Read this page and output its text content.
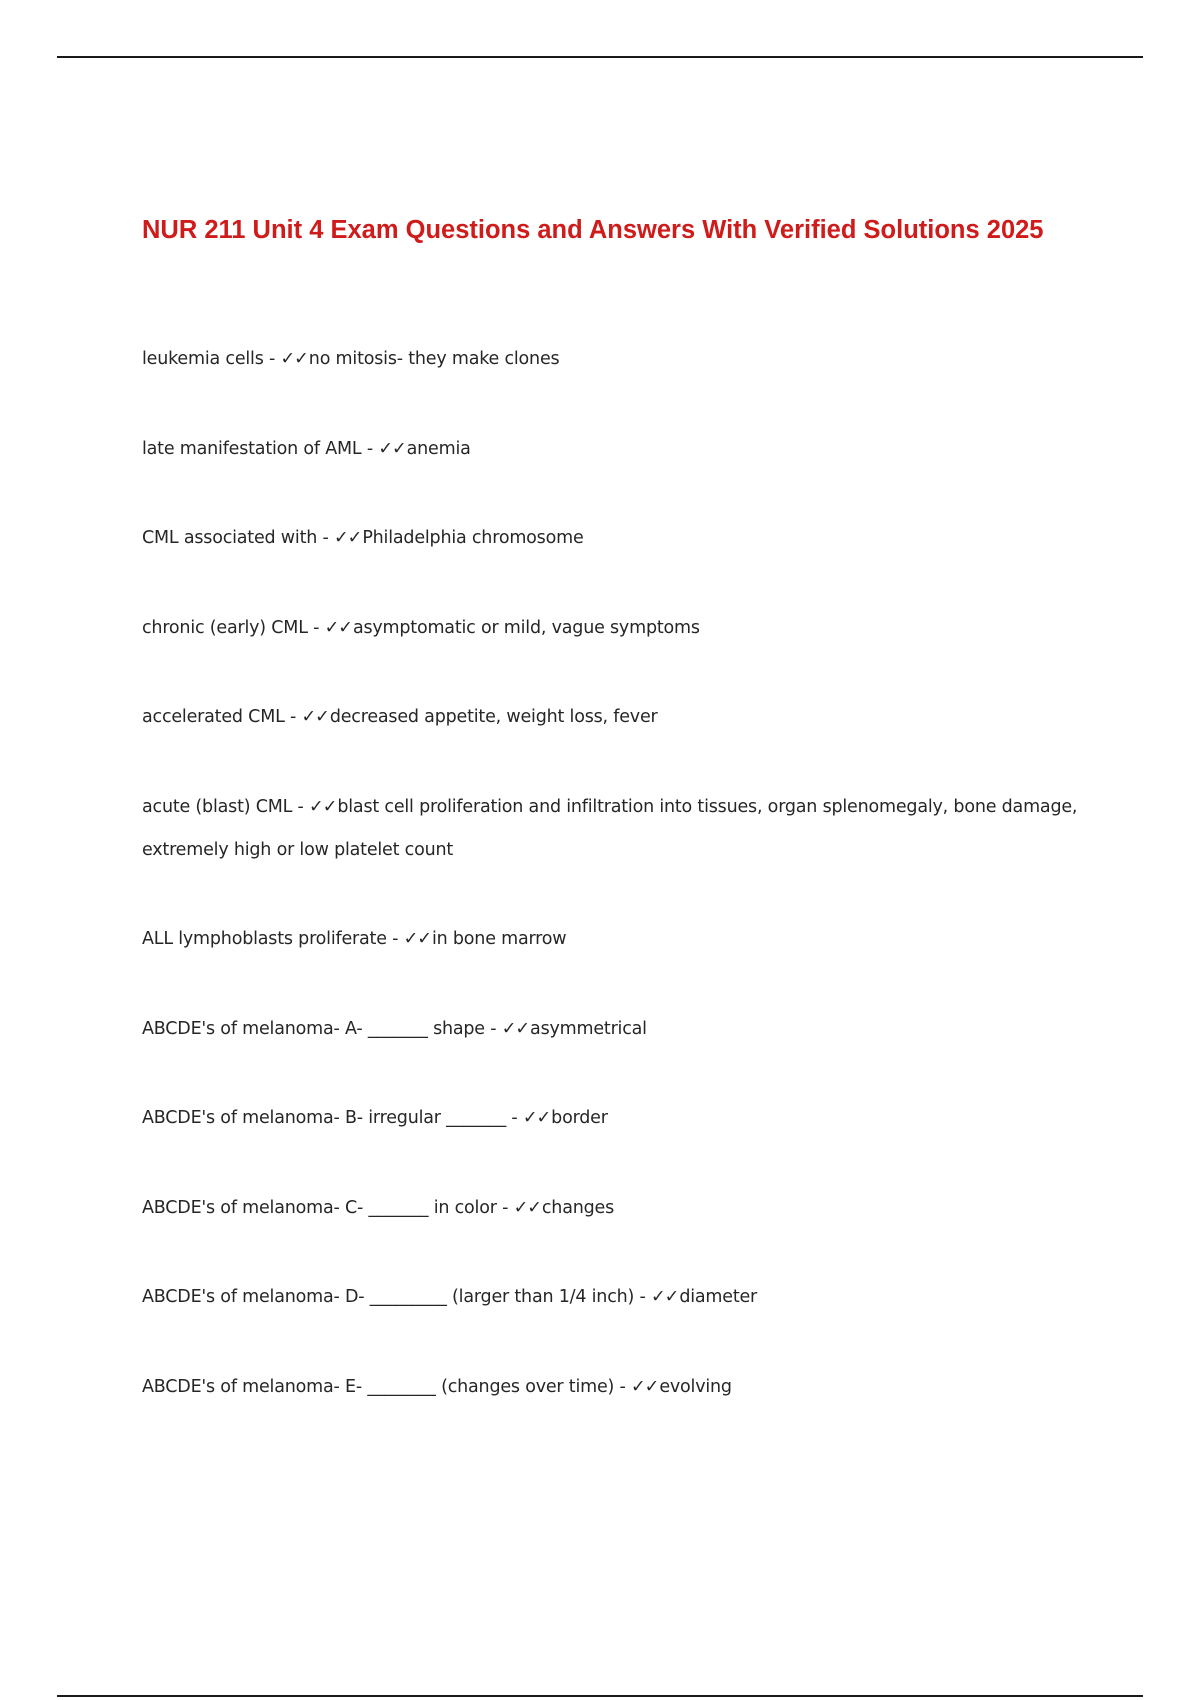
NUR 211 Unit 4 Exam Questions and Answers With Verified Solutions 2025
leukemia cells - ✓✓no mitosis- they make clones
late manifestation of AML - ✓✓anemia
CML associated with - ✓✓Philadelphia chromosome
chronic (early) CML - ✓✓asymptomatic or mild, vague symptoms
accelerated CML - ✓✓decreased appetite, weight loss, fever
acute (blast) CML - ✓✓blast cell proliferation and infiltration into tissues, organ splenomegaly, bone damage, extremely high or low platelet count
ALL lymphoblasts proliferate - ✓✓in bone marrow
ABCDE's of melanoma- A- _______ shape - ✓✓asymmetrical
ABCDE's of melanoma- B- irregular _______ - ✓✓border
ABCDE's of melanoma- C- _______ in color - ✓✓changes
ABCDE's of melanoma- D- _________ (larger than 1/4 inch) - ✓✓diameter
ABCDE's of melanoma- E- ________ (changes over time) - ✓✓evolving
